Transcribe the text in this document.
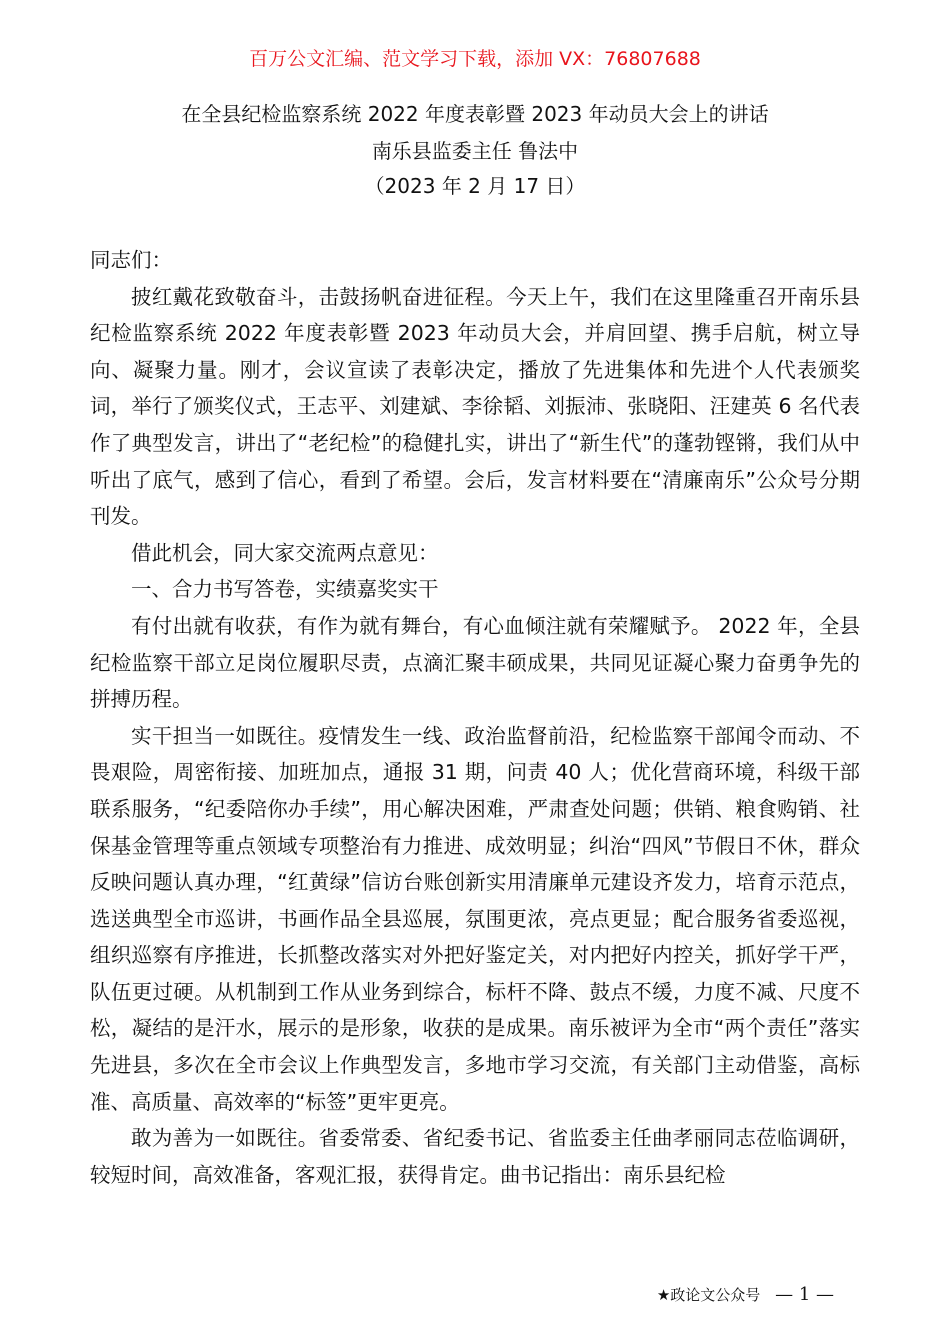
百万公文汇编、范文学习下载，添加 VX：76807688
在全县纪检监察系统 2022 年度表彰暨 2023 年动员大会上的讲话
南乐县监委主任 鲁法中
（2023 年 2 月 17 日）

同志们：

披红戴花致敬奋斗，击鼓扬帆奋进征程。今天上午，我们在这里隆重召开南乐县纪检监察系统 2022 年度表彰暨 2023 年动员大会，并肩回望、携手启航，树立导向、凝聚力量。刚才，会议宣读了表彰决定，播放了先进集体和先进个人代表颁奖词，举行了颁奖仪式，王志平、刘建斌、李徐韬、刘振沛、张晓阳、汪建英 6 名代表作了典型发言，讲出了“老纪检”的稳健扎实，讲出了“新生代”的蓬勃铿锵，我们从中听出了底气，感到了信心，看到了希望。会后，发言材料要在“清廉南乐”公众号分期刊发。

借此机会，同大家交流两点意见：

一、合力书写答卷，实绩嘉奖实干

有付出就有收获，有作为就有舞台，有心血倾注就有荣耀赋予。 2022 年，全县纪检监察干部立足岗位履职尽责，点滴汇聚丰硕成果，共同见证凝心聚力奋勇争先的拼搏历程。

实干担当一如既往。疫情发生一线、政治监督前沿，纪检监察干部闻令而动、不畏艰险，周密衔接、加班加点，通报 31 期，问责 40 人；优化营商环境，科级干部联系服务，“纪委陪你办手续”，用心解决困难，严肃查处问题；供销、粮食购销、社保基金管理等重点领域专项整治有力推进、成效明显；纠治“四风”节假日不休，群众反映问题认真办理，“红黄绿”信访台账创新实用清廉单元建设齐发力，培育示范点，选送典型全市巡讲，书画作品全县巡展，氛围更浓，亮点更显；配合服务省委巡视，组织巡察有序推进，长抓整改落实对外把好鉴定关，对内把好内控关，抓好学干严，队伍更过硬。从机制到工作从业务到综合，标杆不降、鼓点不缓，力度不减、尺度不松，凝结的是汗水，展示的是形象，收获的是成果。南乐被评为全市“两个责任”落实先进县，多次在全市会议上作典型发言，多地市学习交流，有关部门主动借鉴，高标准、高质量、高效率的“标签”更牢更亮。

敢为善为一如既往。省委常委、省纪委书记、省监委主任曲孝丽同志莅临调研，较短时间，高效准备，客观汇报，获得肯定。曲书记指出：南乐县纪检

★政论文公众号 — 1 —
